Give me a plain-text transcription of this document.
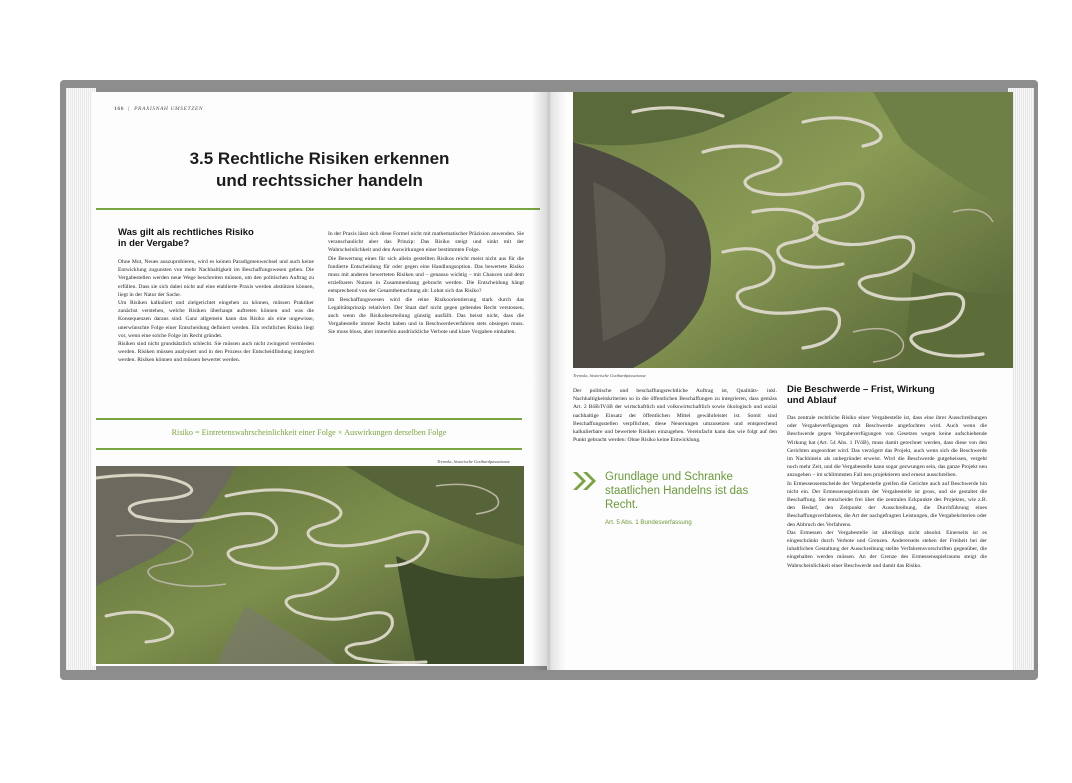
166  |  PRAXISNAH UMSETZEN
3.5 Rechtliche Risiken erkennen
und rechtssicher handeln
Was gilt als rechtliches Risiko
in der Vergabe?

Ohne Mut, Neues auszuprobieren, wird es keinen Paradigmenwechsel und auch keine Entwicklung zugunsten von mehr Nachhaltigkeit im Beschaffungswesen geben. Die Vergabestellen werden neue Wege beschreiten müssen, um den politischen Auftrag zu erfüllen. Dass sie sich dabei nicht auf eine etablierte Praxis werden abstützen können, liegt in der Natur der Sache.

Um Risiken kalkuliert und zielgerichtet eingehen zu können, müssen Praktiker zunächst verstehen, welche Risiken überhaupt auftreten können und was die Konsequenzen daraus sind. Ganz allgemein kann das Risiko als eine ungewisse, unerwünschte Folge einer Entscheidung definiert werden. Ein rechtliches Risiko liegt vor, wenn eine solche Folge im Recht gründet.

Risiken sind nicht grundsätzlich schlecht. Sie müssen auch nicht zwingend vermieden werden. Risiken müssen analysiert und in den Prozess der Entscheidfindung integriert werden. Risiken können und müssen bewertet werden.

In der Praxis lässt sich diese Formel nicht mit mathematischer Präzision anwenden. Sie veranschaulicht aber das Prinzip: Das Risiko steigt und sinkt mit der Wahrscheinlichkeit und den Auswirkungen einer bestimmten Folge.

Die Bewertung eines für sich allein gestellten Risikos reicht meist nicht aus für die fundierte Entscheidung für oder gegen eine Handlungsoption. Das bewertete Risiko muss mit anderen bewerteten Risiken und – genauso wichtig – mit Chancen und dem erzielbaren Nutzen in Zusammenhang gebracht werden. Die Entscheidung hängt entsprechend von der Gesamtbetrachtung ab: Lohnt sich das Risiko?

Im Beschaffungswesen wird die reine Risikoorientierung stark durch das Legalitätsprinzip relativiert. Der Staat darf nicht gegen geltendes Recht verstossen, auch wenn die Risikobeurteilung günstig ausfällt. Das heisst nicht, dass die Vergabestelle immer Recht haben und in Beschwerdeverfahren stets obsiegen muss. Sie muss bloss, aber immerhin ausdrückliche Verbote und klare Vorgaben einhalten.

Risiko = Eintretenswahrscheinlichkeit einer Folge × Auswirkungen derselben Folge
Tremola, historische Gotthardpassstrasse
Tremola, historische Gotthardpassstrasse

Der politische und beschaffungsrechtliche Auftrag ist, Qualitäts- inkl. Nachhaltigkeitskriterien so in die öffentlichen Beschaffungen zu integrieren, dass gemäss Art. 2 BöB/IVöB der wirtschaftlich und volkswirtschaftlich sowie ökologisch und sozial nachhaltige Einsatz der öffentlichen Mittel gewährleistet ist. Somit sind Beschaffungsstellen verpflichtet, diese Neuerungen umzusetzen und entsprechend kalkulierbare und bewertete Risiken einzugehen. Vereinfacht kann das wie folgt auf den Punkt gebracht werden: Ohne Risiko keine Entwicklung.

Grundlage und Schranke
staatlichen Handelns ist das
Recht.
Art. 5 Abs. 1 Bundesverfassung
Die Beschwerde – Frist, Wirkung
und Ablauf

Das zentrale rechtliche Risiko einer Vergabestelle ist, dass eine ihrer Ausschreibungen oder Vergabeverfügungen mit Beschwerde angefochten wird. Auch wenn die Beschwerde gegen Vergabeverfügungen von Gesetzes wegen keine aufschiebende Wirkung hat (Art. 54 Abs. 1 IVöB), muss damit gerechnet werden, dass diese von den Gerichten angeordnet wird. Das verzögert das Projekt, auch wenn sich die Beschwerde im Nachhinein als unbegründet erweist. Wird die Beschwerde gutgeheissen, vergeht noch mehr Zeit, und die Vergabestelle kann sogar gezwungen sein, das ganze Projekt neu anzugehen – im schlimmsten Fall neu projektieren und erneut ausschreiben.

In Ermessensentscheide der Vergabestelle greifen die Gerichte auch auf Beschwerde hin nicht ein. Der Ermessensspielraum der Vergabestelle ist gross, und sie gestaltet die Beschaffung. Sie entscheidet frei über die zentralen Eckpunkte des Projektes, wie z.B. den Bedarf, den Zeitpunkt der Ausschreibung, die Durchführung eines Beschaffungsverfahrens, die Art der nachgefragten Leistungen, die Vergabekriterien oder den Abbruch des Verfahrens.

Das Ermessen der Vergabestelle ist allerdings nicht absolut. Einerseits ist es eingeschränkt durch Verbote und Grenzen. Andererseits stehen der Freiheit bei der inhaltlichen Gestaltung der Ausschreibung stellte Verfahrensvorschriften gegenüber, die eingehalten werden müssen. An der Grenze des Ermessensspielraums steigt die Wahrscheinlichkeit einer Beschwerde und damit das Risiko.
